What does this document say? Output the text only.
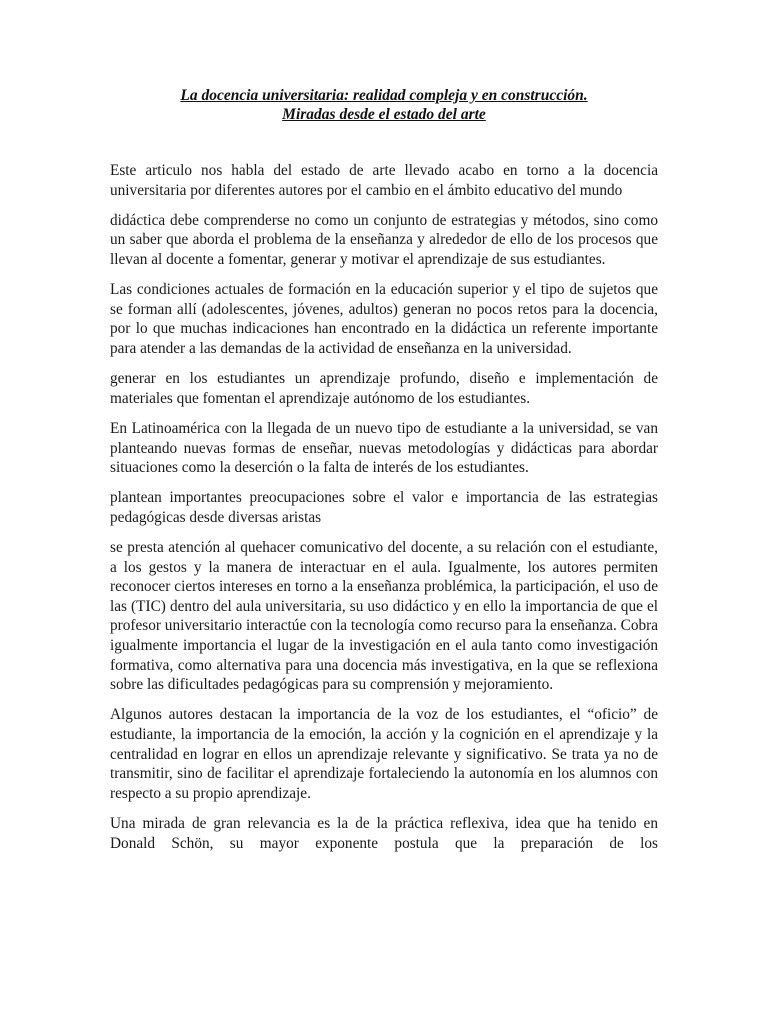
La docencia universitaria: realidad compleja y en construcción.
Miradas desde el estado del arte

Este articulo nos habla del estado de arte llevado acabo en torno a la docencia universitaria por diferentes autores por el cambio en el ámbito educativo del mundo

didáctica debe comprenderse no como un conjunto de estrategias y métodos, sino como un saber que aborda el problema de la enseñanza y alrededor de ello de los procesos que llevan al docente a fomentar, generar y motivar el aprendizaje de sus estudiantes.

Las condiciones actuales de formación en la educación superior y el tipo de sujetos que se forman allí (adolescentes, jóvenes, adultos) generan no pocos retos para la docencia, por lo que muchas indicaciones han encontrado en la didáctica un referente importante para atender a las demandas de la actividad de enseñanza en la universidad.

generar en los estudiantes un aprendizaje profundo, diseño e implementación de materiales que fomentan el aprendizaje autónomo de los estudiantes.

En Latinoamérica con la llegada de un nuevo tipo de estudiante a la universidad, se van planteando nuevas formas de enseñar, nuevas metodologías y didácticas para abordar situaciones como la deserción o la falta de interés de los estudiantes.

plantean importantes preocupaciones sobre el valor e importancia de las estrategias pedagógicas desde diversas aristas

se presta atención al quehacer comunicativo del docente, a su relación con el estudiante, a los gestos y la manera de interactuar en el aula. Igualmente, los autores permiten reconocer ciertos intereses en torno a la enseñanza problémica, la participación, el uso de las (TIC) dentro del aula universitaria, su uso didáctico y en ello la importancia de que el profesor universitario interactúe con la tecnología como recurso para la enseñanza. Cobra igualmente importancia el lugar de la investigación en el aula tanto como investigación formativa, como alternativa para una docencia más investigativa, en la que se reflexiona sobre las dificultades pedagógicas para su comprensión y mejoramiento.

Algunos autores destacan la importancia de la voz de los estudiantes, el “oficio” de estudiante, la importancia de la emoción, la acción y la cognición en el aprendizaje y la centralidad en lograr en ellos un aprendizaje relevante y significativo. Se trata ya no de transmitir, sino de facilitar el aprendizaje fortaleciendo la autonomía en los alumnos con respecto a su propio aprendizaje.

Una mirada de gran relevancia es la de la práctica reflexiva, idea que ha tenido en Donald Schön, su mayor exponente postula que la preparación de los
